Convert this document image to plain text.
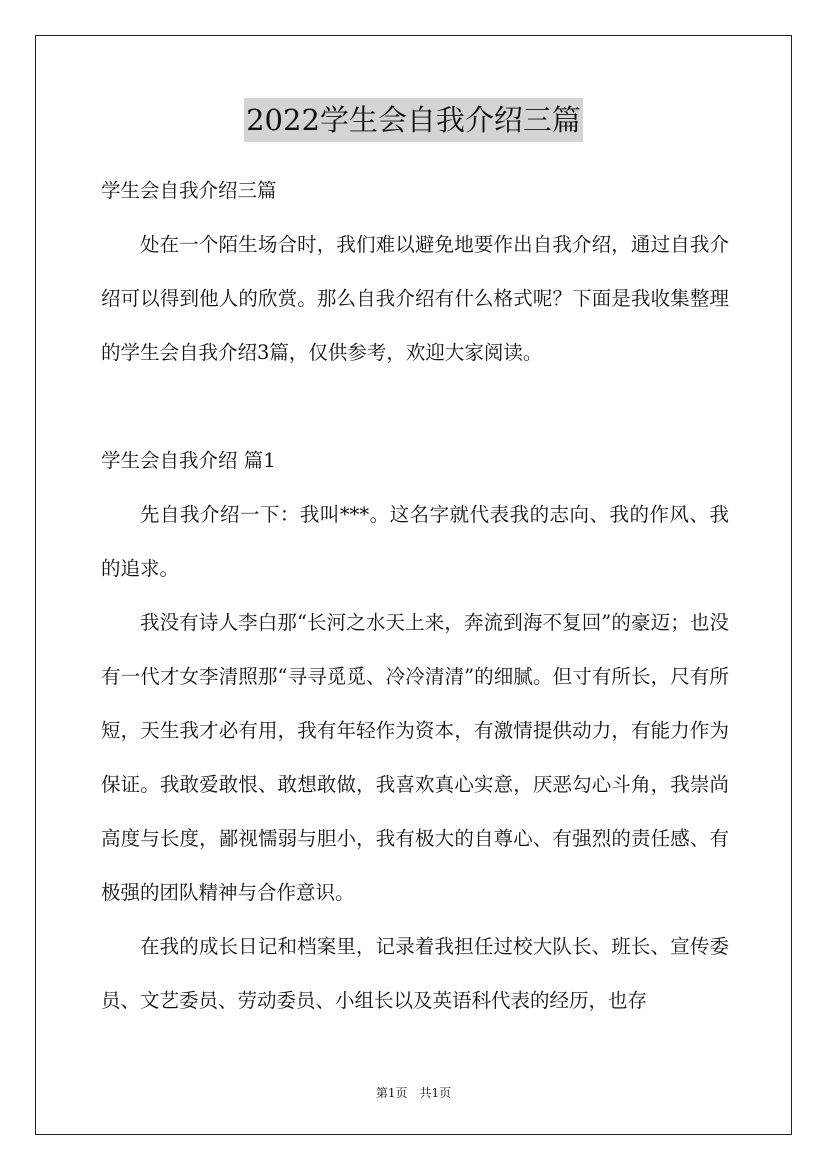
2022学生会自我介绍三篇

学生会自我介绍三篇

处在一个陌生场合时，我们难以避免地要作出自我介绍，通过自我介绍可以得到他人的欣赏。那么自我介绍有什么格式呢？下面是我收集整理的学生会自我介绍3篇，仅供参考，欢迎大家阅读。

学生会自我介绍 篇1

先自我介绍一下：我叫***。这名字就代表我的志向、我的作风、我的追求。

我没有诗人李白那“长河之水天上来，奔流到海不复回”的豪迈；也没有一代才女李清照那“寻寻觅觅、冷冷清清”的细腻。但寸有所长，尺有所短，天生我才必有用，我有年轻作为资本，有激情提供动力，有能力作为保证。我敢爱敢恨、敢想敢做，我喜欢真心实意，厌恶勾心斗角，我崇尚高度与长度，鄙视懦弱与胆小，我有极大的自尊心、有强烈的责任感、有极强的团队精神与合作意识。

在我的成长日记和档案里，记录着我担任过校大队长、班长、宣传委员、文艺委员、劳动委员、小组长以及英语科代表的经历，也存

第1页 共1页
